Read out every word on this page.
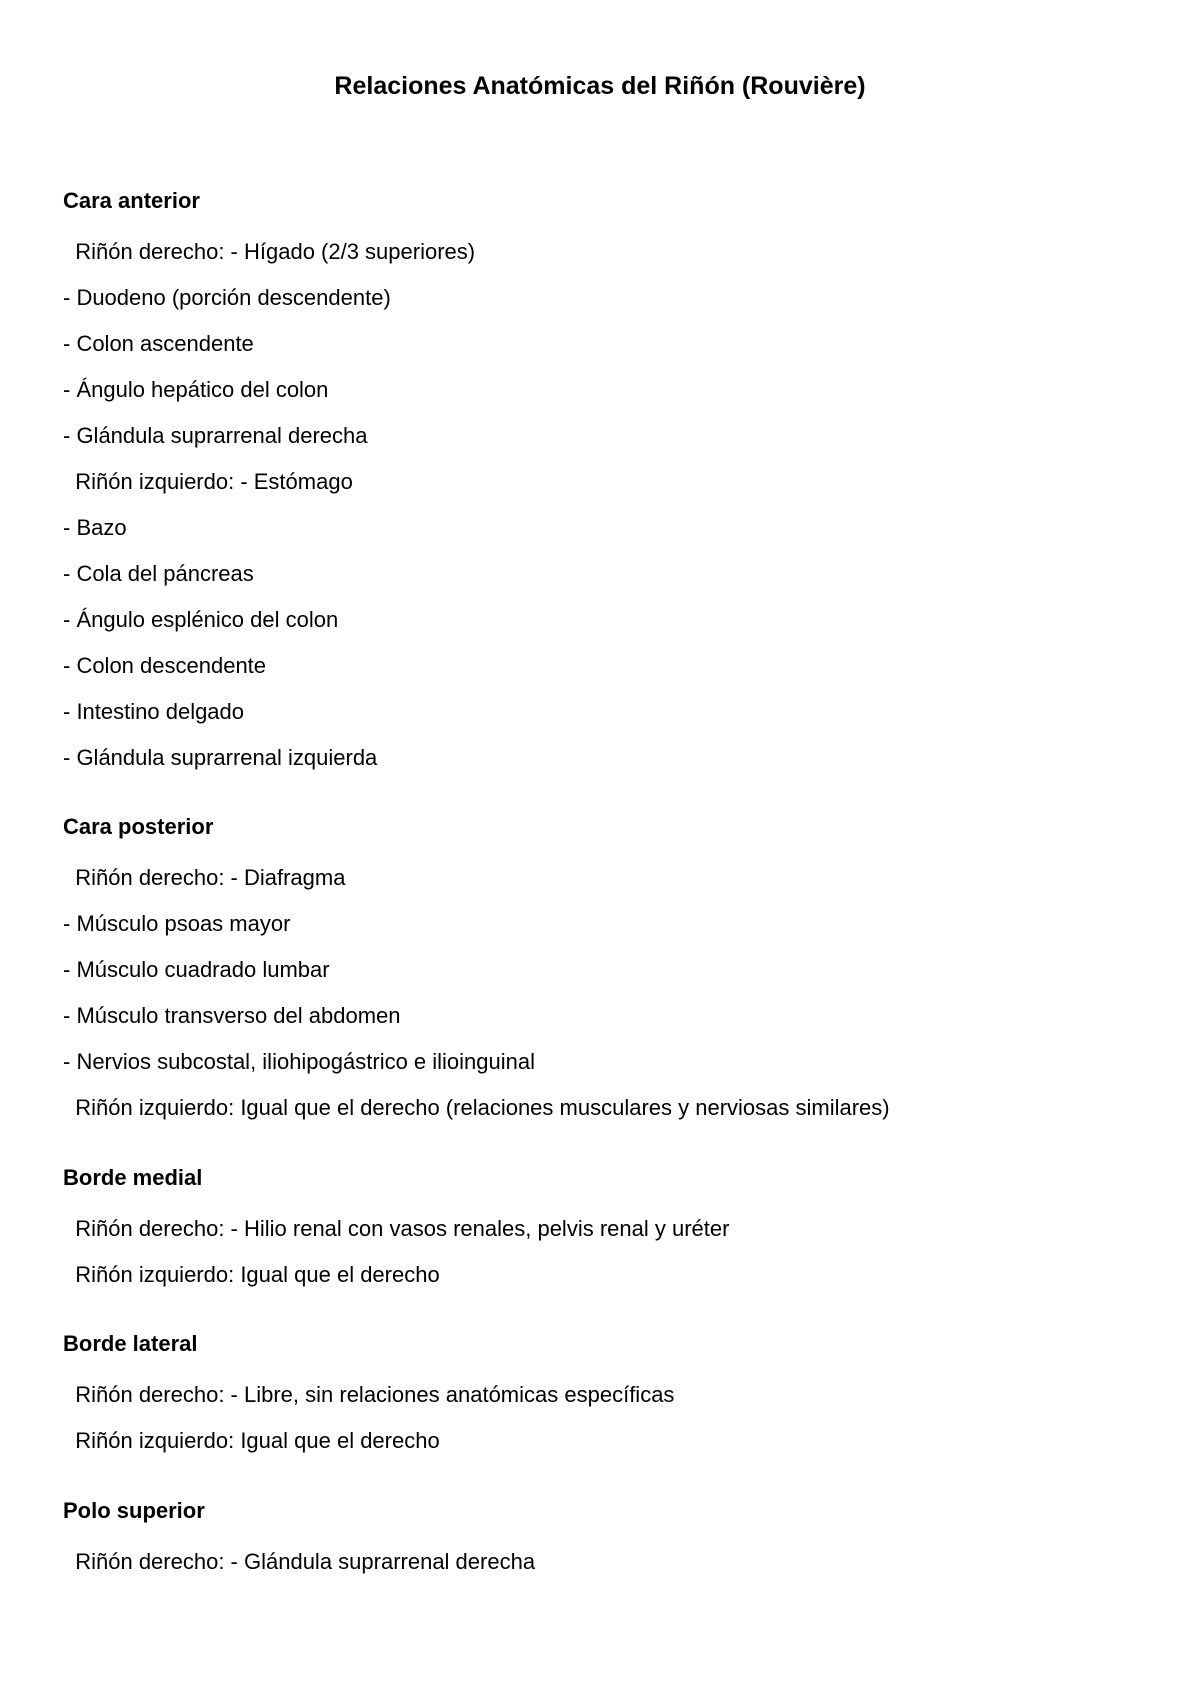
Relaciones Anatómicas del Riñón (Rouvière)
Cara anterior
Riñón derecho: - Hígado (2/3 superiores)
- Duodeno (porción descendente)
- Colon ascendente
- Ángulo hepático del colon
- Glándula suprarrenal derecha
Riñón izquierdo: - Estómago
- Bazo
- Cola del páncreas
- Ángulo esplénico del colon
- Colon descendente
- Intestino delgado
- Glándula suprarrenal izquierda
Cara posterior
Riñón derecho: - Diafragma
- Músculo psoas mayor
- Músculo cuadrado lumbar
- Músculo transverso del abdomen
- Nervios subcostal, iliohipogástrico e ilioinguinal
Riñón izquierdo: Igual que el derecho (relaciones musculares y nerviosas similares)
Borde medial
Riñón derecho: - Hilio renal con vasos renales, pelvis renal y uréter
Riñón izquierdo: Igual que el derecho
Borde lateral
Riñón derecho: - Libre, sin relaciones anatómicas específicas
Riñón izquierdo: Igual que el derecho
Polo superior
Riñón derecho: - Glándula suprarrenal derecha
